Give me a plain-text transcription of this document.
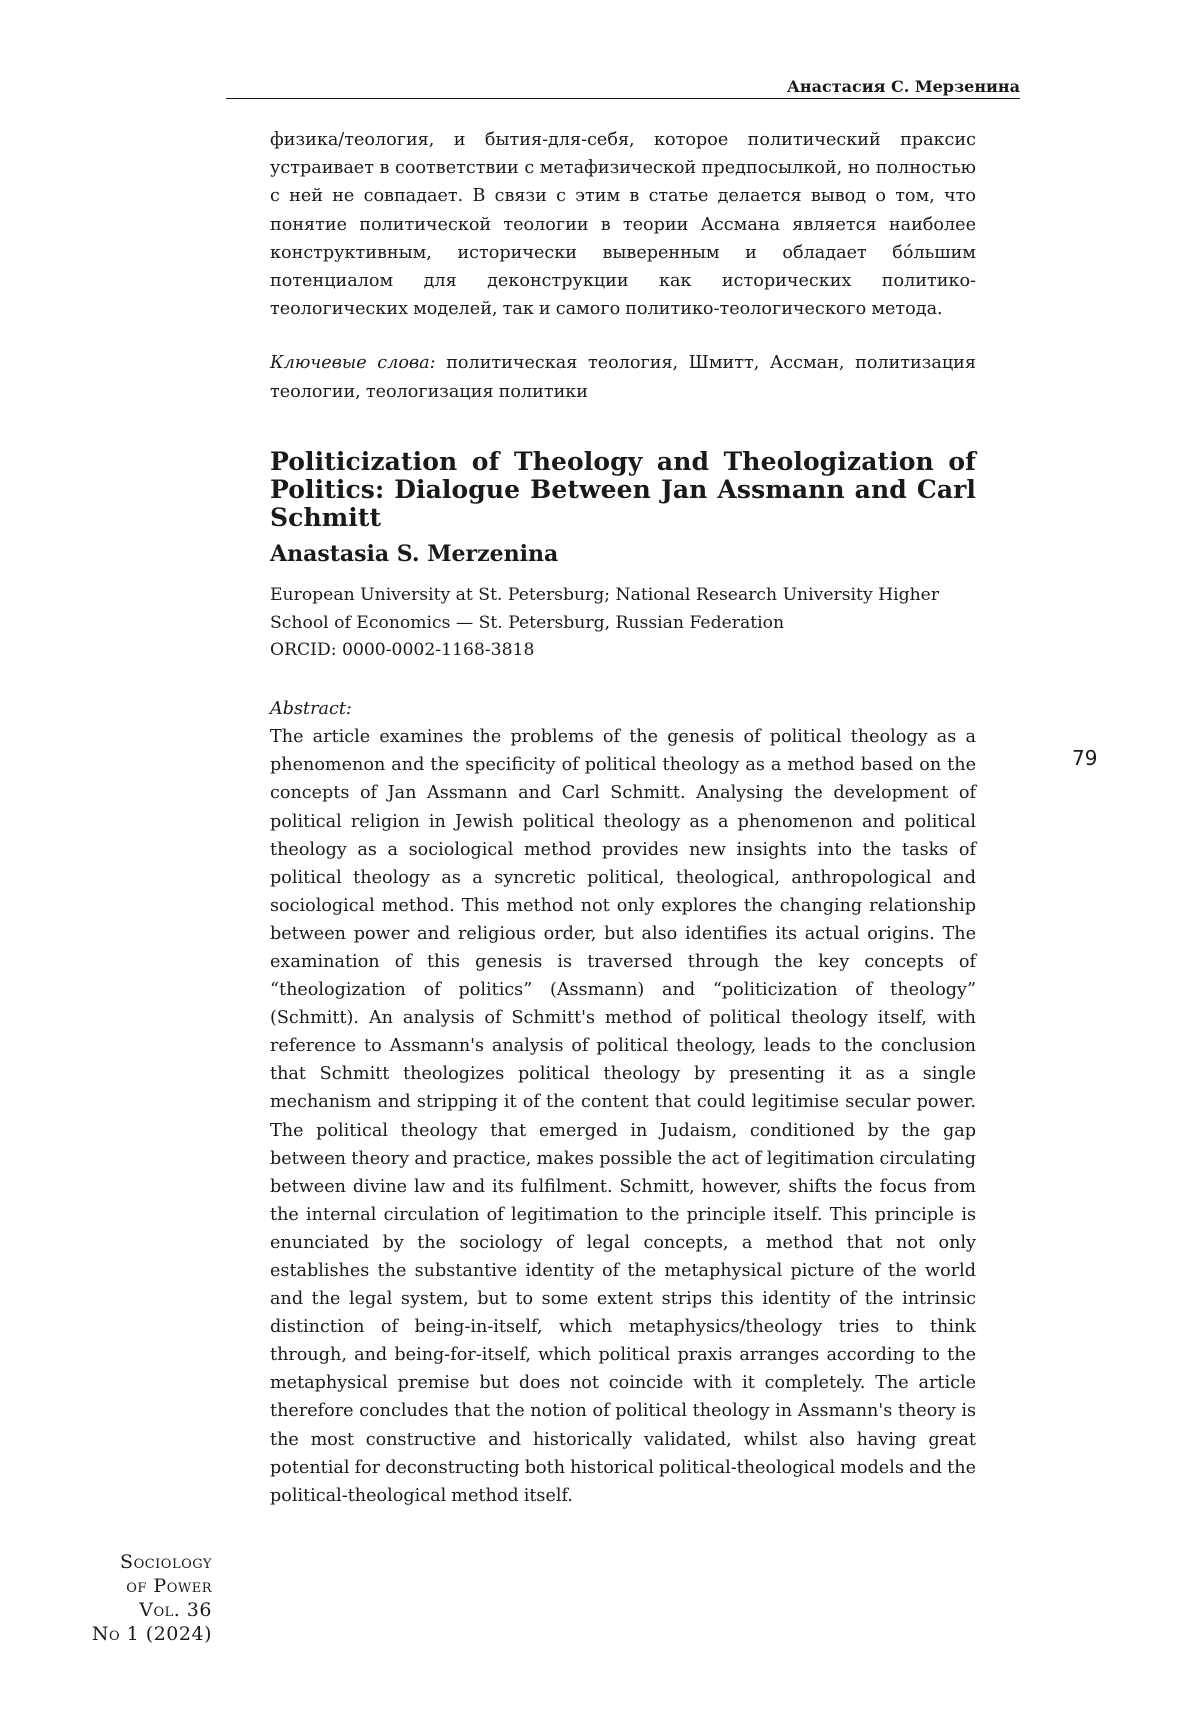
Анастасия С. Мерзенина

физика/теология, и бытия-для-себя, которое политический праксис устраивает в соответствии с метафизической предпосылкой, но полностью с ней не совпадает. В связи с этим в статье делается вывод о том, что понятие политической теологии в теории Ассмана является наиболее конструктивным, исторически выверенным и обладает бóльшим потенциалом для деконструкции как исторических политико-теологических моделей, так и самого политико-теологического метода.

Ключевые слова: политическая теология, Шмитт, Ассман, политизация теологии, теологизация политики

Politicization of Theology and Theologization of Politics: Dialogue Between Jan Assmann and Carl Schmitt
Anastasia S. Merzenina
European University at St. Petersburg; National Research University Higher
School of Economics — St. Petersburg, Russian Federation
ORCID: 0000-0002-1168-3818
Abstract:

The article examines the problems of the genesis of political theology as a phenomenon and the specificity of political theology as a method based on the concepts of Jan Assmann and Carl Schmitt. Analysing the development of political religion in Jewish political theology as a phenomenon and political theology as a sociological method provides new insights into the tasks of political theology as a syncretic political, theological, anthropological and sociological method. This method not only explores the changing relationship between power and religious order, but also identifies its actual origins. The examination of this genesis is traversed through the key concepts of “theologization of politics” (Assmann) and “politicization of theology” (Schmitt). An analysis of Schmitt's method of political theology itself, with reference to Assmann's analysis of political theology, leads to the conclusion that Schmitt theologizes political theology by presenting it as a single mechanism and stripping it of the content that could legitimise secular power. The political theology that emerged in Judaism, conditioned by the gap between theory and practice, makes possible the act of legitimation circulating between divine law and its fulfilment. Schmitt, however, shifts the focus from the internal circulation of legitimation to the principle itself. This principle is enunciated by the sociology of legal concepts, a method that not only establishes the substantive identity of the metaphysical picture of the world and the legal system, but to some extent strips this identity of the intrinsic distinction of being-in-itself, which metaphysics/theology tries to think through, and being-for-itself, which political praxis arranges according to the metaphysical premise but does not coincide with it completely. The article therefore concludes that the notion of political theology in Assmann's theory is the most constructive and historically validated, whilst also having great potential for deconstructing both historical political-theological models and the political-theological method itself.

79
Sociology
of Power
Vol. 36
No 1 (2024)
